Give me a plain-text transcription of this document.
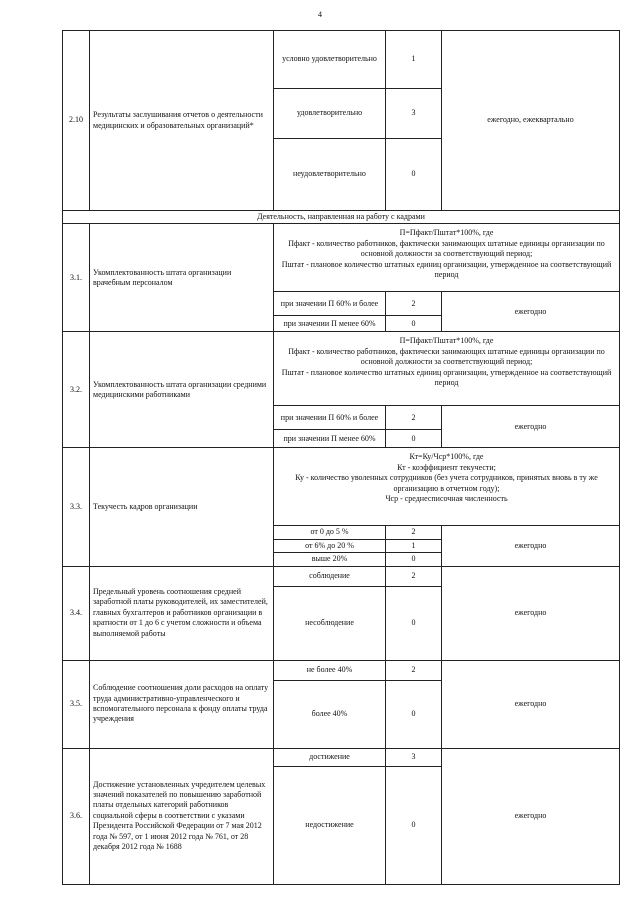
4
2.10	Результаты заслушивания отчетов о деятельности медицинских и образовательных организаций*	условно удовлетворительно	1	ежегодно, ежеквартально
		удовлетворительно	3	
		неудовлетворительно	0	
Деятельность, направленная на работу с кадрами				
3.1.	Укомплектованность штата организации врачебным персоналом	П=Пфакт/Пштат*100%, где
Пфакт - количество работников, фактически занимающих штатные единицы организации по основной должности за соответствующий период;
Пштат - плановое количество штатных единиц организации, утвержденное на соответствующий период		

		при значении П 60% и более	2	ежегодно
		при значении П менее 60%	0	
3.2.	Укомплектованность штата организации средними медицинскими работниками	П=Пфакт/Пштат*100%, где
Пфакт - количество работников, фактически занимающих штатные единицы организации по основной должности за соответствующий период;
Пштат - плановое количество штатных единиц организации, утвержденное на соответствующий период		

		при значении П 60% и более	2	ежегодно
		при значении П менее 60%	0	
3.3.	Текучесть кадров организации	Кт=Ку/Чср*100%, где
Кт - коэффициент текучести;
Ку - количество уволенных сотрудников (без учета сотрудников, принятых вновь в ту же организацию в отчетном году);
Чср - среднесписочная численность		

		от 0 до 5 %	2	ежегодно
		от 6% до 20 %	1	
		выше 20%	0	
3.4.	Предельный уровень соотношения средней заработной платы руководителей, их заместителей, главных бухгалтеров и работников организации в кратности от 1 до 6 с учетом сложности и объема выполняемой работы	соблюдение	2	ежегодно
		несоблюдение	0	
3.5.	Соблюдение соотношения доли расходов на оплату труда административно-управленческого и вспомогательного персонала к фонду оплаты труда учреждения	не более 40%	2	ежегодно
		более 40%	0	
3.6.	Достижение установленных учредителем целевых значений показателей по повышению заработной платы отдельных категорий работников социальной сферы в соответствии с указами Президента Российской Федерации от 7 мая 2012 года № 597, от 1 июня 2012 года № 761, от 28 декабря 2012 года № 1688	достижение	3	ежегодно
		недостижение	0	
